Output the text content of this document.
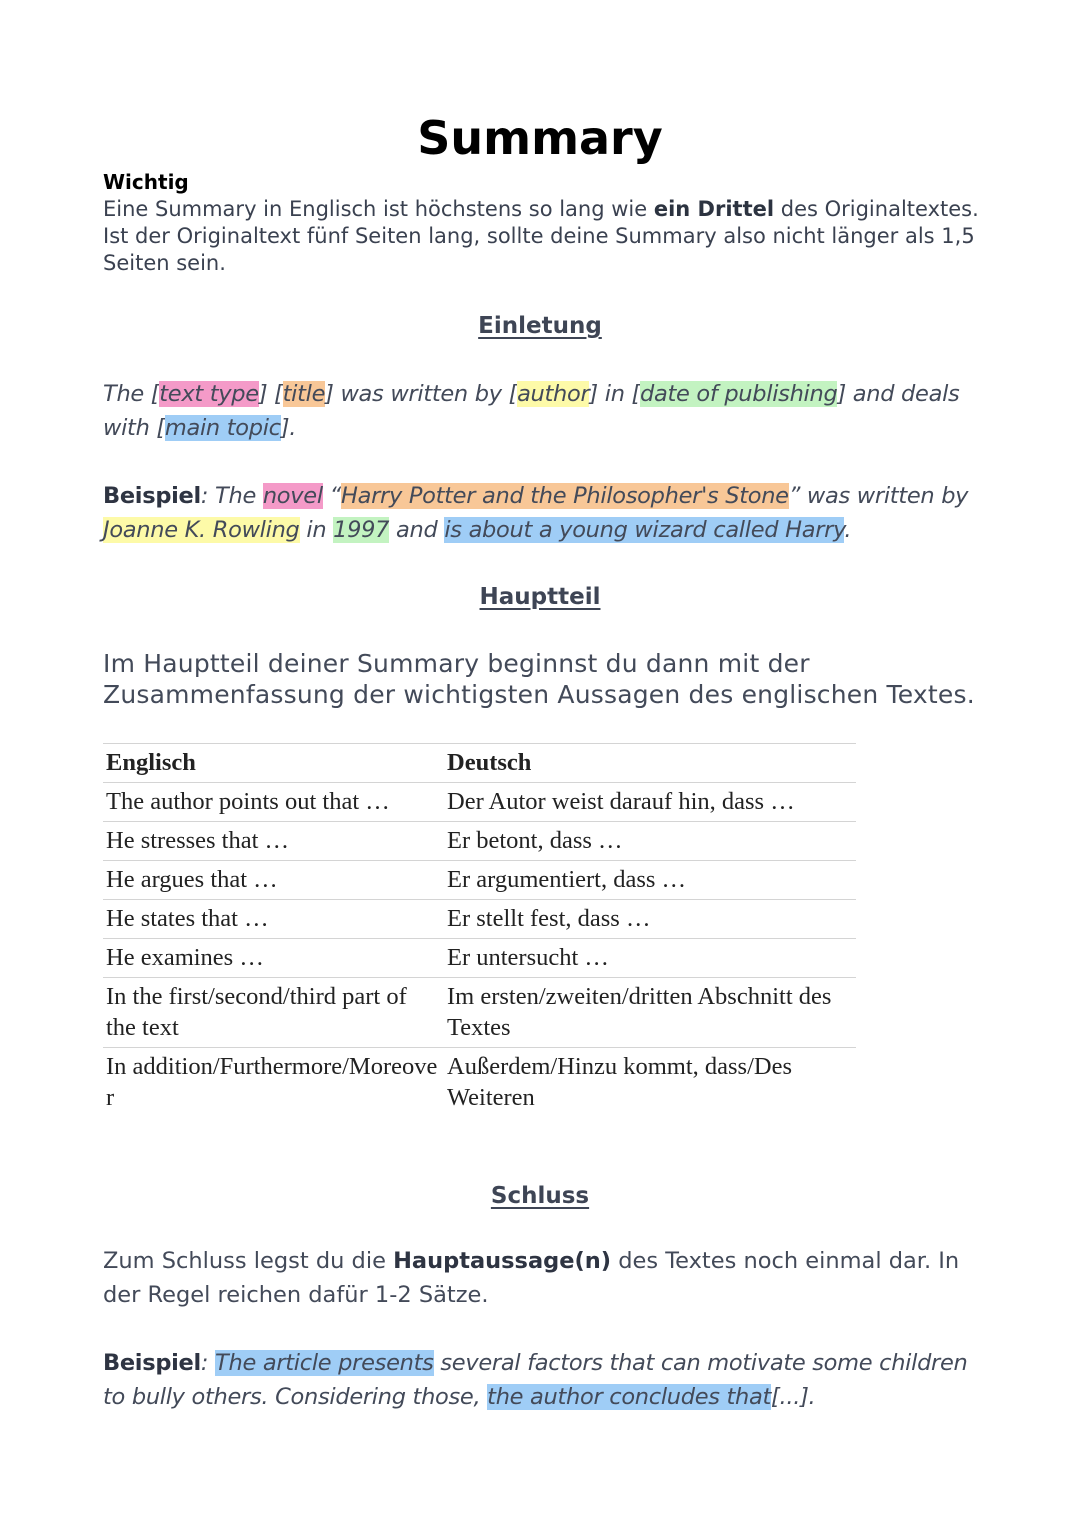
Summary
Wichtig
Eine Summary in Englisch ist höchstens so lang wie ein Drittel des Originaltextes. Ist der Originaltext fünf Seiten lang, sollte deine Summary also nicht länger als 1,5 Seiten sein.
Einletung
The [text type] [title] was written by [author] in [date of publishing] and deals with [main topic].
Beispiel: The novel “Harry Potter and the Philosopher's Stone” was written by Joanne K. Rowling in 1997 and is about a young wizard called Harry.
Hauptteil
Im Hauptteil deiner Summary beginnst du dann mit der Zusammenfassung der wichtigsten Aussagen des englischen Textes.
Englisch	Deutsch
The author points out that …	Der Autor weist darauf hin, dass …
He stresses that …	Er betont, dass …
He argues that …	Er argumentiert, dass …
He states that …	Er stellt fest, dass …
He examines …	Er untersucht …
In the first/second/third part of the text	Im ersten/zweiten/dritten Abschnitt des Textes
In addition/Furthermore/Moreover	Außerdem/Hinzu kommt, dass/Des Weiteren
Schluss
Zum Schluss legst du die Hauptaussage(n) des Textes noch einmal dar. In der Regel reichen dafür 1-2 Sätze.
Beispiel: The article presents several factors that can motivate some children to bully others. Considering those, the author concludes that[...].
